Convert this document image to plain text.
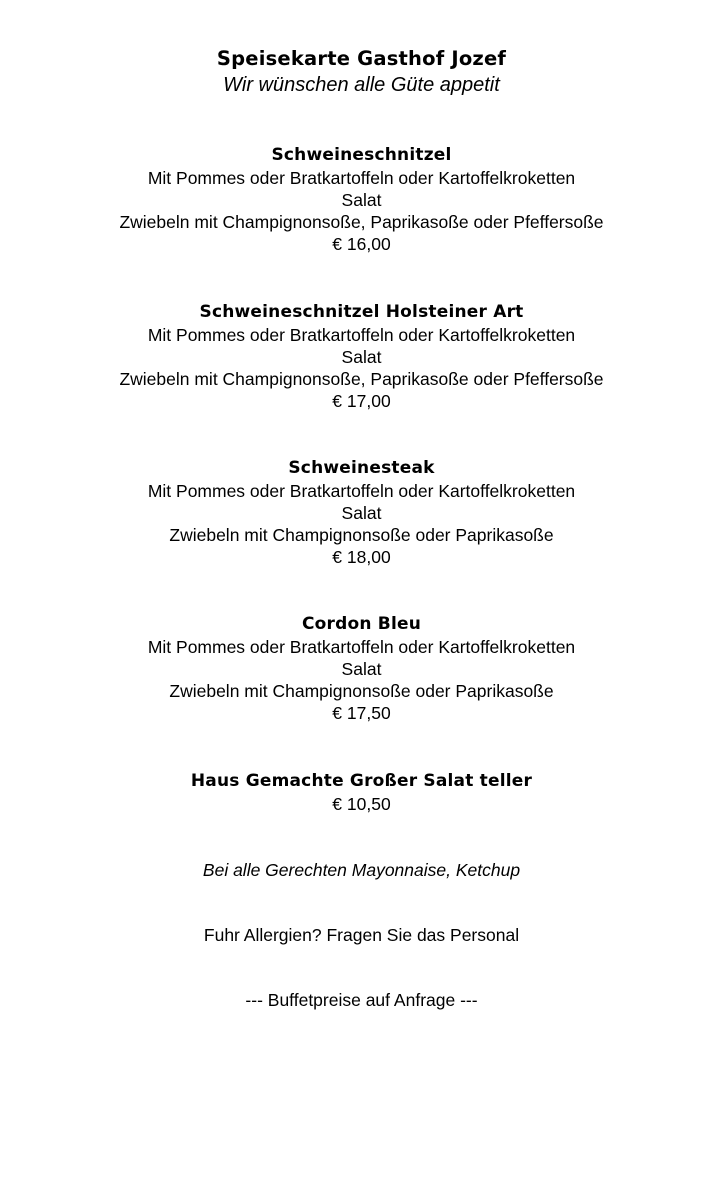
Speisekarte Gasthof Jozef

Wir wünschen alle Güte appetit

Schweineschnitzel

Mit Pommes oder Bratkartoffeln oder Kartoffelkroketten

Salat

Zwiebeln mit Champignonsoße, Paprikasoße oder Pfeffersoße

€ 16,00

Schweineschnitzel Holsteiner Art

Mit Pommes oder Bratkartoffeln oder Kartoffelkroketten

Salat

Zwiebeln mit Champignonsoße, Paprikasoße oder Pfeffersoße

€ 17,00

Schweinesteak

Mit Pommes oder Bratkartoffeln oder Kartoffelkroketten

Salat

Zwiebeln mit Champignonsoße oder Paprikasoße

€ 18,00

Cordon Bleu

Mit Pommes oder Bratkartoffeln oder Kartoffelkroketten

Salat

Zwiebeln mit Champignonsoße oder Paprikasoße

€ 17,50

Haus Gemachte Großer Salat teller

€ 10,50

Bei alle Gerechten Mayonnaise, Ketchup

Fuhr Allergien? Fragen Sie das Personal

--- Buffetpreise auf Anfrage ---
